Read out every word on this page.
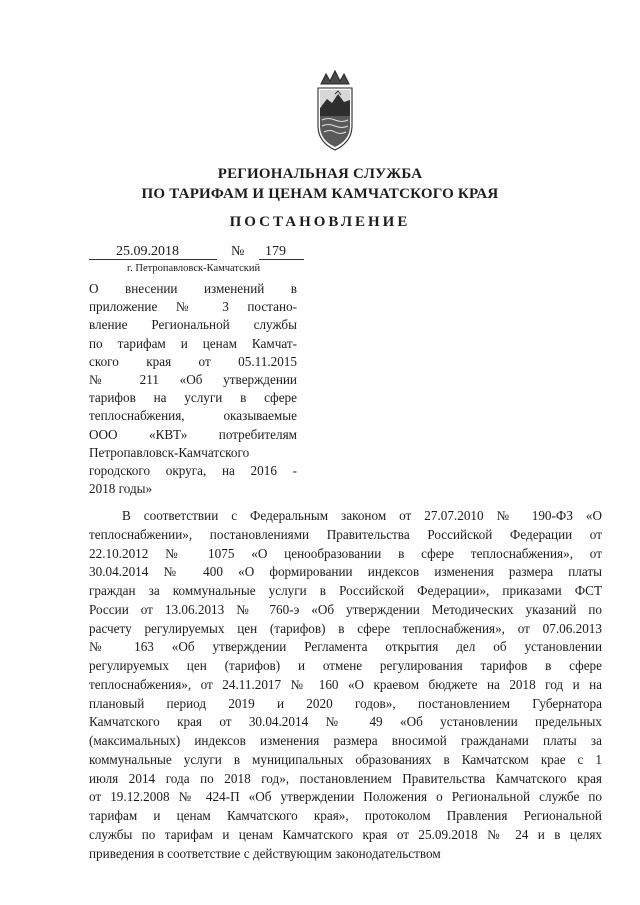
РЕГИОНАЛЬНАЯ СЛУЖБА
ПО ТАРИФАМ И ЦЕНАМ КАМЧАТСКОГО КРАЯ
ПОСТАНОВЛЕНИЕ
25.09.2018	№ 179
г. Петропавловск-Камчатский
О внесении изменений в
приложение № 3 постано-
вление Региональной службы
по тарифам и ценам Камчат-
ского края от 05.11.2015
№ 211 «Об утверждении
тарифов на услуги в сфере
теплоснабжения, оказываемые
ООО «КВТ» потребителям
Петропавловск-Камчатского
городского округа, на 2016 -
2018 годы»
В соответствии с Федеральным законом от 27.07.2010 № 190-ФЗ «О
теплоснабжении», постановлениями Правительства Российской Федерации от
22.10.2012 № 1075 «О ценообразовании в сфере теплоснабжения», от
30.04.2014 № 400 «О формировании индексов изменения размера платы
граждан за коммунальные услуги в Российской Федерации», приказами ФСТ
России от 13.06.2013 № 760-э «Об утверждении Методических указаний по
расчету регулируемых цен (тарифов) в сфере теплоснабжения», от 07.06.2013
№ 163 «Об утверждении Регламента открытия дел об установлении
регулируемых цен (тарифов) и отмене регулирования тарифов в сфере
теплоснабжения», от 24.11.2017 № 160 «О краевом бюджете на 2018 год и на
плановый период 2019 и 2020 годов», постановлением Губернатора
Камчатского края от 30.04.2014 № 49 «Об установлении предельных
(максимальных) индексов изменения размера вносимой гражданами платы за
коммунальные услуги в муниципальных образованиях в Камчатском крае с 1
июля 2014 года по 2018 год», постановлением Правительства Камчатского края
от 19.12.2008 № 424-П «Об утверждении Положения о Региональной службе по
тарифам и ценам Камчатского края», протоколом Правления Региональной
службы по тарифам и ценам Камчатского края от 25.09.2018 № 24 и в целях
приведения в соответствие с действующим законодательством
